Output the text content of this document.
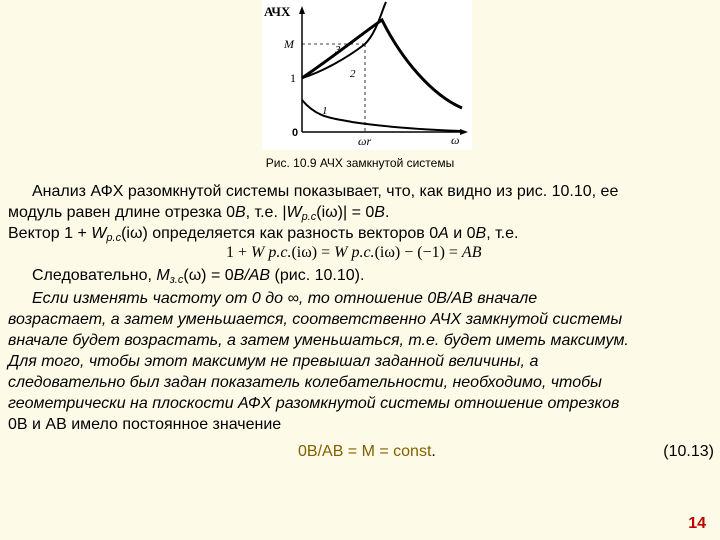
АЧХ
ω
0
M
1
ωr
1
2
3
Рис. 10.9 АЧХ замкнутой системы
Анализ АФХ разомкнутой системы показывает, что, как видно из рис. 10.10, ее
модуль равен длине отрезка 0B, т.е. $|W_{р.с}(i\omega)| = 0B$.
Вектор $1 + W_{р.с}(i\omega)$ определяется как разность векторов 0A и 0B, т.е.
1 + W p.c.(iω) = W p.c.(iω) − (−1) = AB
Следовательно, $M_{з.с}(\omega) = 0B/AB$ (рис. 10.10).
Если изменять частоту от 0 до ∞, то отношение 0B/AB вначале
возрастает, а затем уменьшается, соответственно АЧХ замкнутой системы
вначале будет возрастать, а затем уменьшаться, т.е. будет иметь максимум.
Для того, чтобы этот максимум не превышал заданной величины, а
следовательно был задан показатель колебательности, необходимо, чтобы
геометрически на плоскости АФХ разомкнутой системы отношение отрезков
0B и AB имело постоянное значение
0B/AB = M = const.	(10.13)
14
